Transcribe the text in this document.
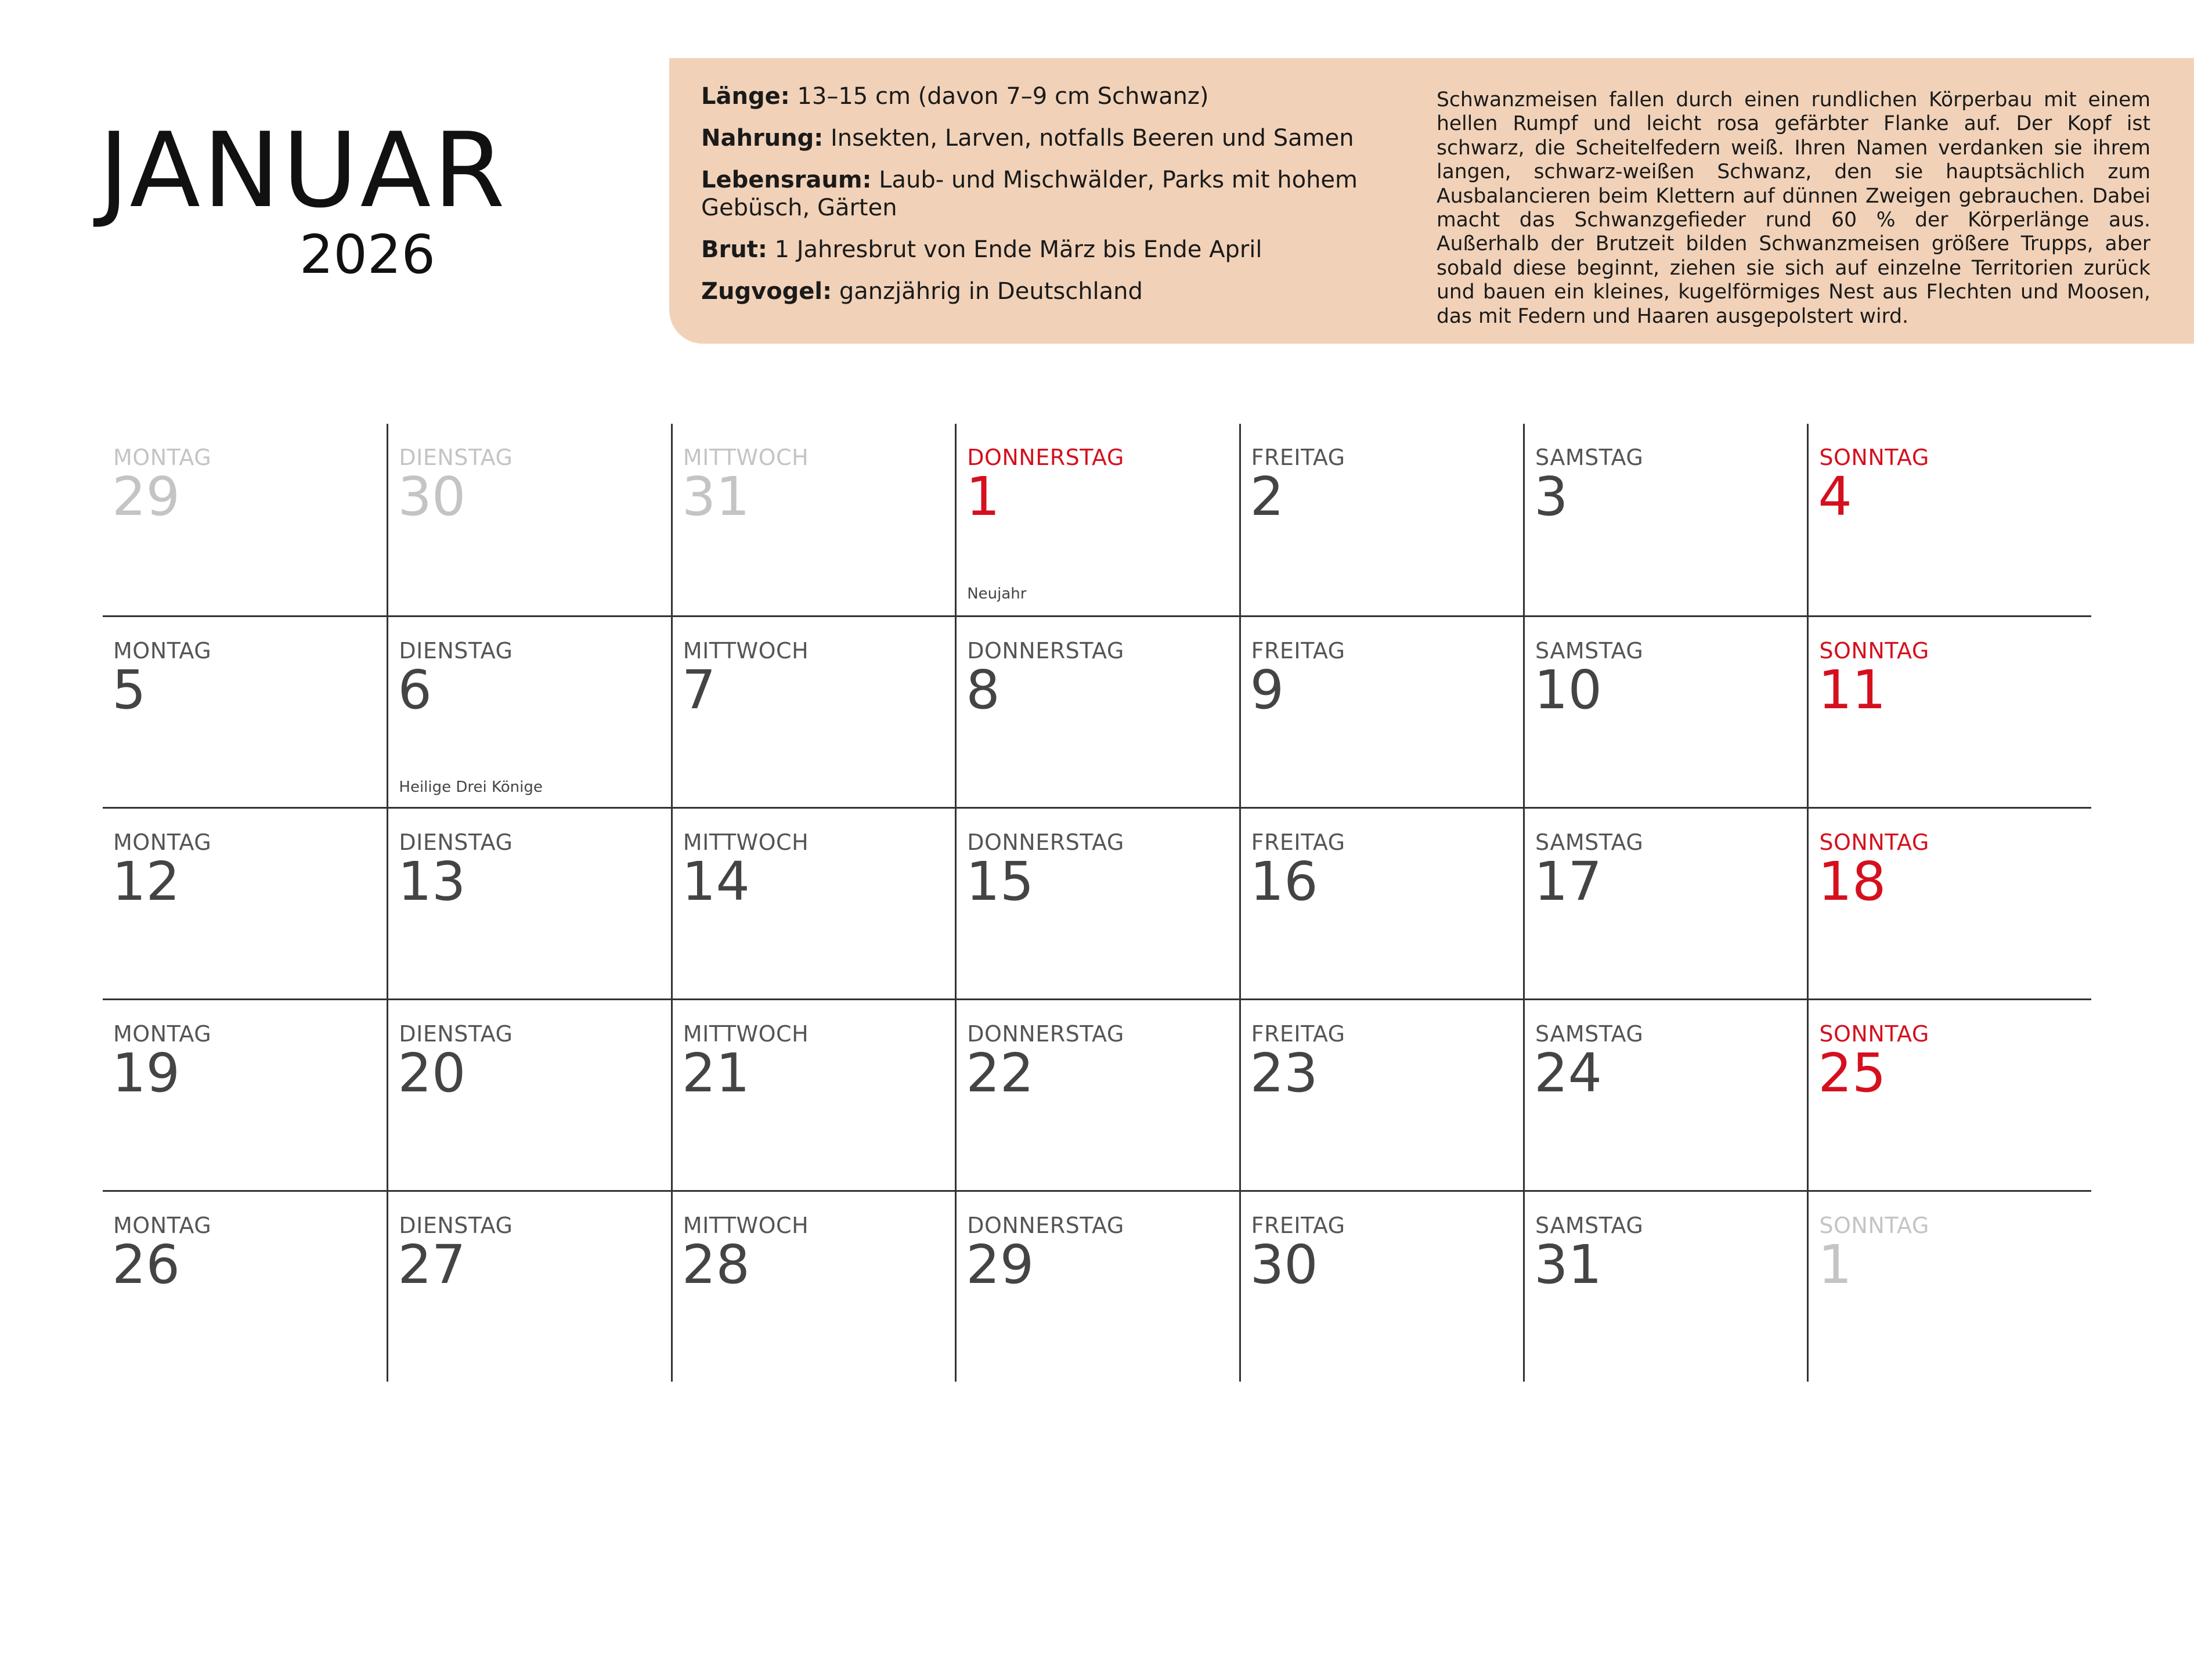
JANUAR
2026
Länge: 13–15 cm (davon 7–9 cm Schwanz)
Nahrung: Insekten, Larven, notfalls Beeren und Samen
Lebensraum: Laub- und Mischwälder, Parks mit hohem Gebüsch, Gärten
Brut: 1 Jahresbrut von Ende März bis Ende April
Zugvogel: ganzjährig in Deutschland
Schwanzmeisen fallen durch einen rundlichen Körperbau mit einem hellen Rumpf und leicht rosa gefärbter Flanke auf. Der Kopf ist schwarz, die Scheitelfedern weiß. Ihren Namen verdanken sie ihrem langen, schwarz-weißen Schwanz, den sie hauptsächlich zum Ausbalancieren beim Klettern auf dünnen Zweigen gebrauchen. Dabei macht das Schwanzgefieder rund 60 % der Körperlänge aus. Außerhalb der Brutzeit bilden Schwanzmeisen größere Trupps, aber sobald diese beginnt, ziehen sie sich auf einzelne Territorien zurück und bauen ein kleines, kugelförmiges Nest aus Flechten und Moosen, das mit Federn und Haaren ausgepolstert wird.
MONTAG
29
DIENSTAG
30
MITTWOCH
31
DONNERSTAG
1
Neujahr
FREITAG
2
SAMSTAG
3
SONNTAG
4
MONTAG
5
DIENSTAG
6
Heilige Drei Könige
MITTWOCH
7
DONNERSTAG
8
FREITAG
9
SAMSTAG
10
SONNTAG
11
MONTAG
12
DIENSTAG
13
MITTWOCH
14
DONNERSTAG
15
FREITAG
16
SAMSTAG
17
SONNTAG
18
MONTAG
19
DIENSTAG
20
MITTWOCH
21
DONNERSTAG
22
FREITAG
23
SAMSTAG
24
SONNTAG
25
MONTAG
26
DIENSTAG
27
MITTWOCH
28
DONNERSTAG
29
FREITAG
30
SAMSTAG
31
SONNTAG
1
